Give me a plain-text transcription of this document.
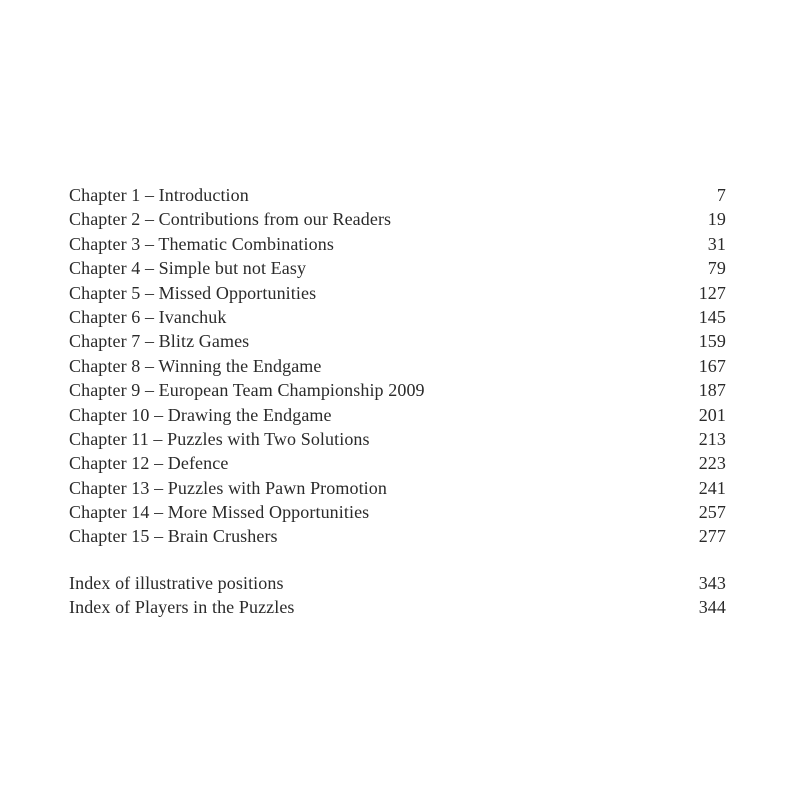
Chapter 1 – Introduction	7
Chapter 2 – Contributions from our Readers	19
Chapter 3 – Thematic Combinations	31
Chapter 4 – Simple but not Easy	79
Chapter 5 – Missed Opportunities	127
Chapter 6 – Ivanchuk	145
Chapter 7 – Blitz Games	159
Chapter 8 – Winning the Endgame	167
Chapter 9 – European Team Championship 2009	187
Chapter 10 – Drawing the Endgame	201
Chapter 11 – Puzzles with Two Solutions	213
Chapter 12 – Defence	223
Chapter 13 – Puzzles with Pawn Promotion	241
Chapter 14 – More Missed Opportunities	257
Chapter 15 – Brain Crushers	277
Index of illustrative positions	343
Index of Players in the Puzzles	344
